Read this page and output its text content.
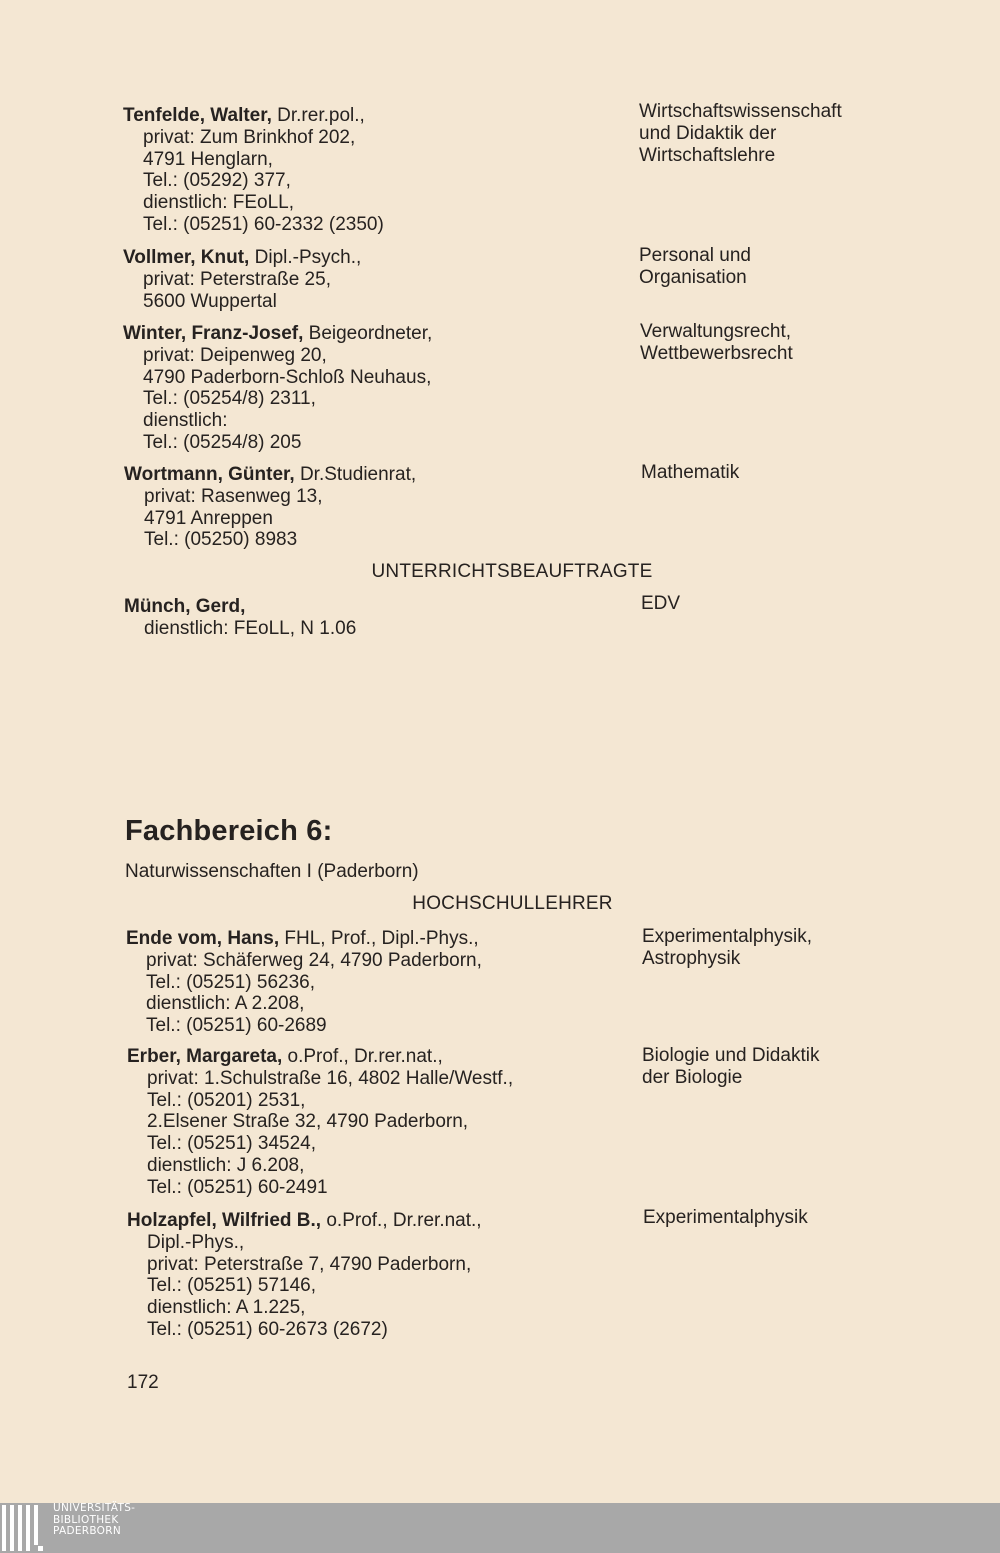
Tenfelde, Walter, Dr.rer.pol.,
privat: Zum Brinkhof 202,
4791 Henglarn,
Tel.: (05292) 377,
dienstlich: FEoLL,
Tel.: (05251) 60-2332 (2350)
Wirtschaftswissenschaft
und Didaktik der
Wirtschaftslehre
Vollmer, Knut, Dipl.-Psych.,
privat: Peterstraße 25,
5600 Wuppertal
Personal und
Organisation
Winter, Franz-Josef, Beigeordneter,
privat: Deipenweg 20,
4790 Paderborn-Schloß Neuhaus,
Tel.: (05254/8) 2311,
dienstlich:
Tel.: (05254/8) 205
Verwaltungsrecht,
Wettbewerbsrecht
Wortmann, Günter, Dr.Studienrat,
privat: Rasenweg 13,
4791 Anreppen
Tel.: (05250) 8983
Mathematik
UNTERRICHTSBEAUFTRAGTE
Münch, Gerd,
dienstlich: FEoLL, N 1.06
EDV
Fachbereich 6:
Naturwissenschaften I (Paderborn)
HOCHSCHULLEHRER
Ende vom, Hans, FHL, Prof., Dipl.-Phys.,
privat: Schäferweg 24, 4790 Paderborn,
Tel.: (05251) 56236,
dienstlich: A 2.208,
Tel.: (05251) 60-2689
Experimentalphysik,
Astrophysik
Erber, Margareta, o.Prof., Dr.rer.nat.,
privat: 1.Schulstraße 16, 4802 Halle/Westf.,
Tel.: (05201) 2531,
2.Elsener Straße 32, 4790 Paderborn,
Tel.: (05251) 34524,
dienstlich: J 6.208,
Tel.: (05251) 60-2491
Biologie und Didaktik
der Biologie
Holzapfel, Wilfried B., o.Prof., Dr.rer.nat.,
Dipl.-Phys.,
privat: Peterstraße 7, 4790 Paderborn,
Tel.: (05251) 57146,
dienstlich: A 1.225,
Tel.: (05251) 60-2673 (2672)
Experimentalphysik
172
UNIVERSITÄTS-
BIBLIOTHEK
PADERBORN
